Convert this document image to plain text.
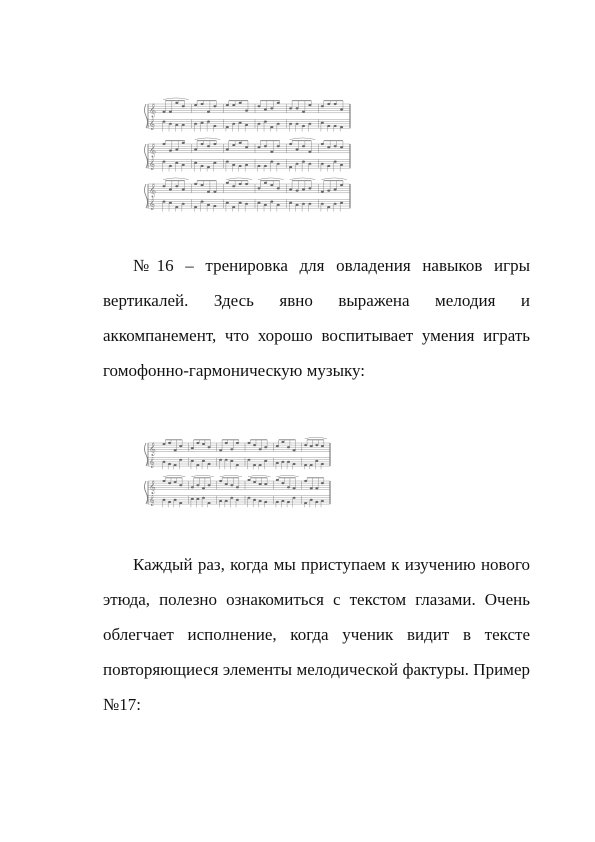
𝄞
𝄞
𝄞
𝄞
𝄞
𝄞

№16 – тренировка для овладения навыков игры вертикалей. Здесь явно выражена мелодия и аккомпанемент, что хорошо воспитывает умения играть гомофонно-гармоническую музыку:

𝄞
𝄞
𝄞
𝄞

Каждый раз, когда мы приступаем к изучению нового этюда, полезно ознакомиться с текстом глазами. Очень облегчает исполнение, когда ученик видит в тексте повторяющиеся элементы мелодической фактуры. Пример №17:
